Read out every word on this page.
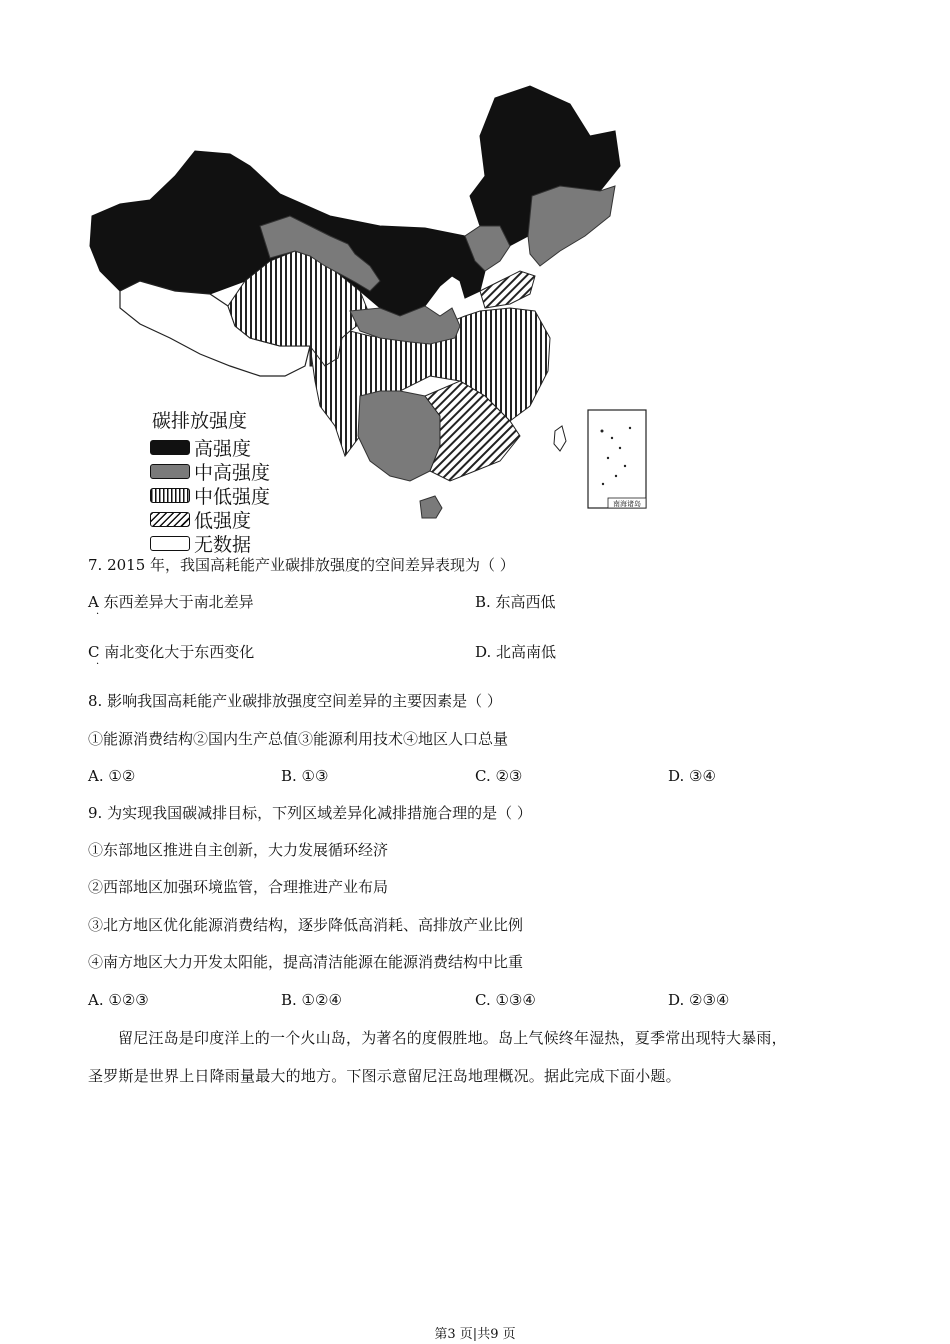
南海诸岛
碳排放强度
高强度
中高强度
中低强度
低强度
无数据
7. 2015 年，我国高耗能产业碳排放强度的空间差异表现为（ ）
A 东西差异大于南北差异	B. 东高西低
·
C 南北变化大于东西变化	D. 北高南低
·
8. 影响我国高耗能产业碳排放强度空间差异的主要因素是（ ）
①能源消费结构②国内生产总值③能源利用技术④地区人口总量
A. ①②	B. ①③	C. ②③	D. ③④
9. 为实现我国碳减排目标，下列区域差异化减排措施合理的是（ ）
①东部地区推进自主创新，大力发展循环经济
②西部地区加强环境监管，合理推进产业布局
③北方地区优化能源消费结构，逐步降低高消耗、高排放产业比例
④南方地区大力开发太阳能，提高清洁能源在能源消费结构中比重
A. ①②③	B. ①②④	C. ①③④	D. ②③④
留尼汪岛是印度洋上的一个火山岛，为著名的度假胜地。岛上气候终年湿热，夏季常出现特大暴雨，
圣罗斯是世界上日降雨量最大的地方。下图示意留尼汪岛地理概况。据此完成下面小题。
第3 页|共9 页
